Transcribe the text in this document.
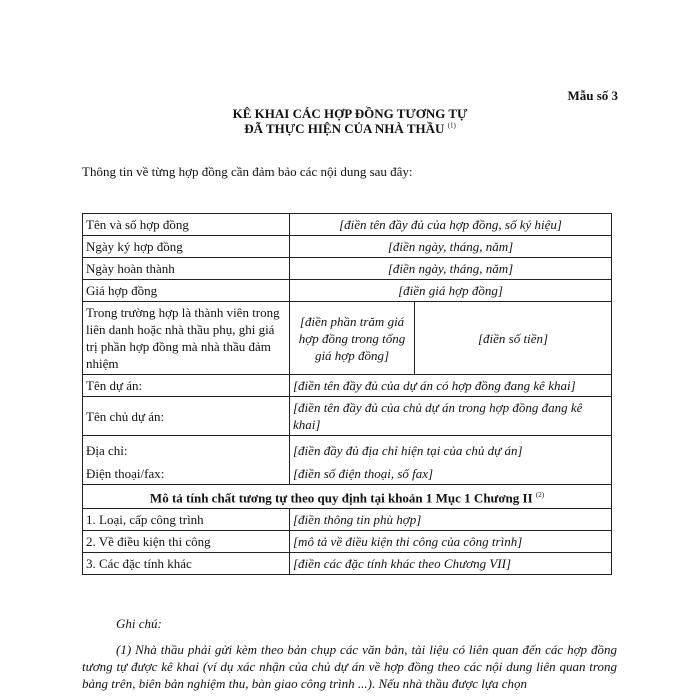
Mẫu số 3
KÊ KHAI CÁC HỢP ĐỒNG TƯƠNG TỰ
ĐÃ THỰC HIỆN CỦA NHÀ THẦU $^{(1)}$
Thông tin về từng hợp đồng cần đảm bảo các nội dung sau đây:
Tên và số hợp đồng	[điền tên đầy đủ của hợp đồng, số ký hiệu]	
Ngày ký hợp đồng	[điền ngày, tháng, năm]	
Ngày hoàn thành	[điền ngày, tháng, năm]	
Giá hợp đồng	[điền giá hợp đồng]	
Trong trường hợp là thành viên trong liên danh hoặc nhà thầu phụ, ghi giá trị phần hợp đồng mà nhà thầu đảm nhiệm	[điền phần trăm giá hợp đồng trong tổng giá hợp đồng]	[điền số tiền]
Tên dự án:	[điền tên đầy đủ của dự án có hợp đồng đang kê khai]	
Tên chủ dự án:	[điền tên đầy đủ của chủ dự án trong hợp đồng đang kê khai]	
Địa chỉ:	[điền đầy đủ địa chỉ hiện tại của chủ dự án]	
Điện thoại/fax:	[điền số điện thoại, số fax]	
Mô tả tính chất tương tự theo quy định tại khoản 1 Mục 1 Chương II $^{(2)}$
1. Loại, cấp công trình	[điền thông tin phù hợp]	
2. Về điều kiện thi công	[mô tả về điều kiện thi công của công trình]	
3. Các đặc tính khác	[điền các đặc tính khác theo Chương VII]	
Ghi chú:
(1) Nhà thầu phải gửi kèm theo bản chụp các văn bản, tài liệu có liên quan đến các hợp đồng tương tự được kê khai (ví dụ xác nhận của chủ dự án về hợp đồng theo các nội dung liên quan trong bảng trên, biên bản nghiệm thu, bàn giao công trình ...). Nếu nhà thầu được lựa chọn
